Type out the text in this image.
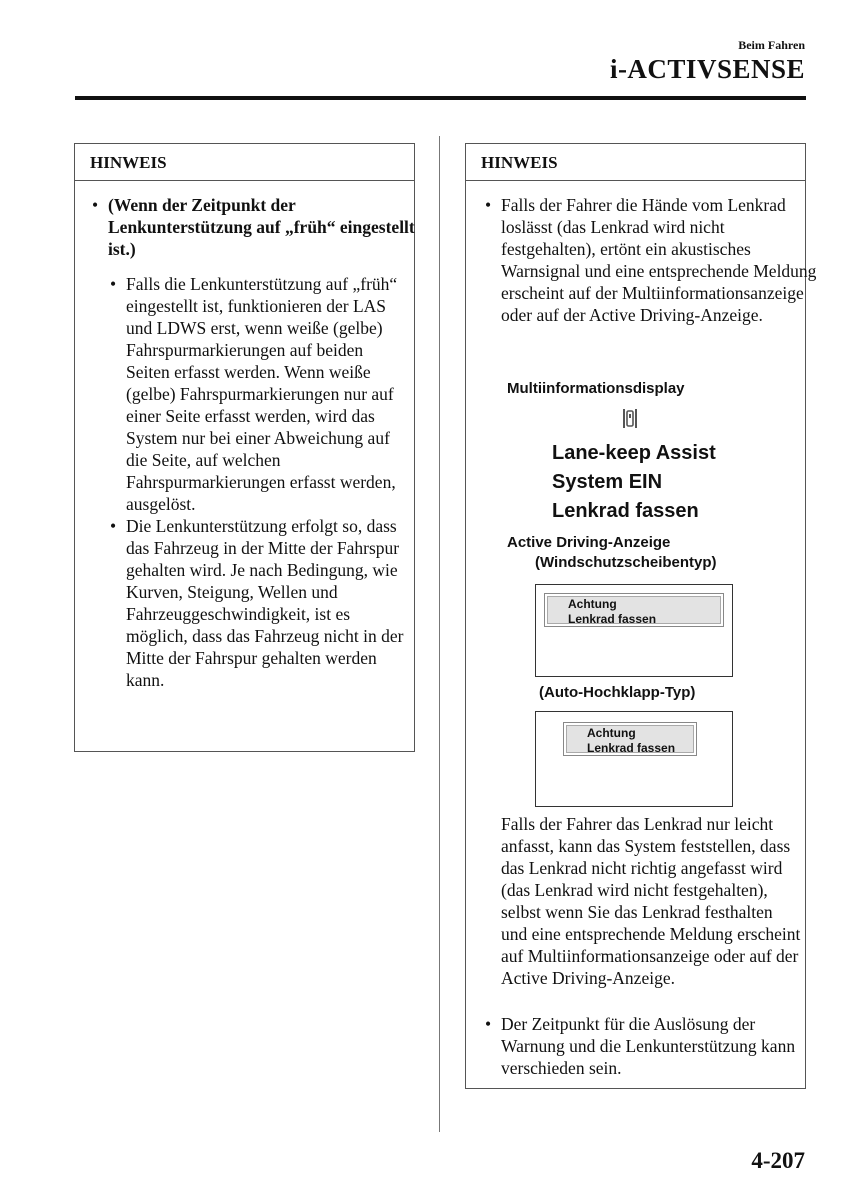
Beim Fahren
i-ACTIVSENSE
HINWEIS
• (Wenn der Zeitpunkt der Lenkunterstützung auf „früh“ eingestellt ist.)
• Falls die Lenkunterstützung auf „früh“ eingestellt ist, funktionieren der LAS und LDWS erst, wenn weiße (gelbe) Fahrspurmarkierungen auf beiden Seiten erfasst werden. Wenn weiße (gelbe) Fahrspurmarkierungen nur auf einer Seite erfasst werden, wird das System nur bei einer Abweichung auf die Seite, auf welchen Fahrspurmarkierungen erfasst werden, ausgelöst.
• Die Lenkunterstützung erfolgt so, dass das Fahrzeug in der Mitte der Fahrspur gehalten wird. Je nach Bedingung, wie Kurven, Steigung, Wellen und Fahrzeuggeschwindigkeit, ist es möglich, dass das Fahrzeug nicht in der Mitte der Fahrspur gehalten werden kann.
HINWEIS
• Falls der Fahrer die Hände vom Lenkrad loslässt (das Lenkrad wird nicht festgehalten), ertönt ein akustisches Warnsignal und eine entsprechende Meldung erscheint auf der Multiinformationsanzeige oder auf der Active Driving-Anzeige.
Multiinformationsdisplay
Lane-keep Assist
System EIN
Lenkrad fassen
Active Driving-Anzeige
(Windschutzscheibentyp)
Achtung
Lenkrad fassen
(Auto-Hochklapp-Typ)
Achtung
Lenkrad fassen
Falls der Fahrer das Lenkrad nur leicht anfasst, kann das System feststellen, dass das Lenkrad nicht richtig angefasst wird (das Lenkrad wird nicht festgehalten), selbst wenn Sie das Lenkrad festhalten und eine entsprechende Meldung erscheint auf Multiinformationsanzeige oder auf der Active Driving-Anzeige.
• Der Zeitpunkt für die Auslösung der Warnung und die Lenkunterstützung kann verschieden sein.
4-207
